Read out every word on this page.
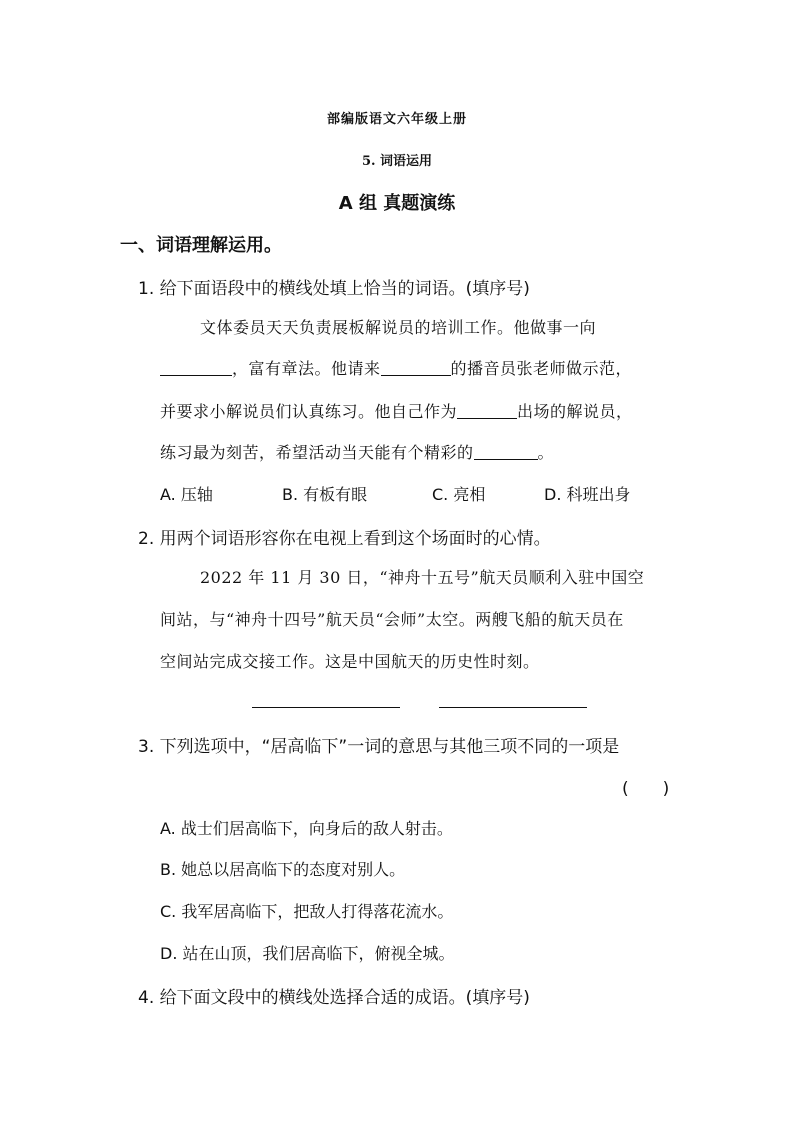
部编版语文六年级上册
5. 词语运用
A 组 真题演练
一、词语理解运用。
1. 给下面语段中的横线处填上恰当的词语。(填序号)
文体委员天天负责展板解说员的培训工作。他做事一向
，富有章法。他请来	的播音员张老师做示范，
并要求小解说员们认真练习。他自己作为	出场的解说员，
练习最为刻苦，希望活动当天能有个精彩的	。
A. 压轴	B. 有板有眼	C. 亮相	D. 科班出身
2. 用两个词语形容你在电视上看到这个场面时的心情。
2022 年 11 月 30 日，“神舟十五号”航天员顺利入驻中国空
间站，与“神舟十四号”航天员“会师”太空。两艘飞船的航天员在
空间站完成交接工作。这是中国航天的历史性时刻。
3. 下列选项中，“居高临下”一词的意思与其他三项不同的一项是
(　　)
A. 战士们居高临下，向身后的敌人射击。
B. 她总以居高临下的态度对别人。
C. 我军居高临下，把敌人打得落花流水。
D. 站在山顶，我们居高临下，俯视全城。
4. 给下面文段中的横线处选择合适的成语。(填序号)
